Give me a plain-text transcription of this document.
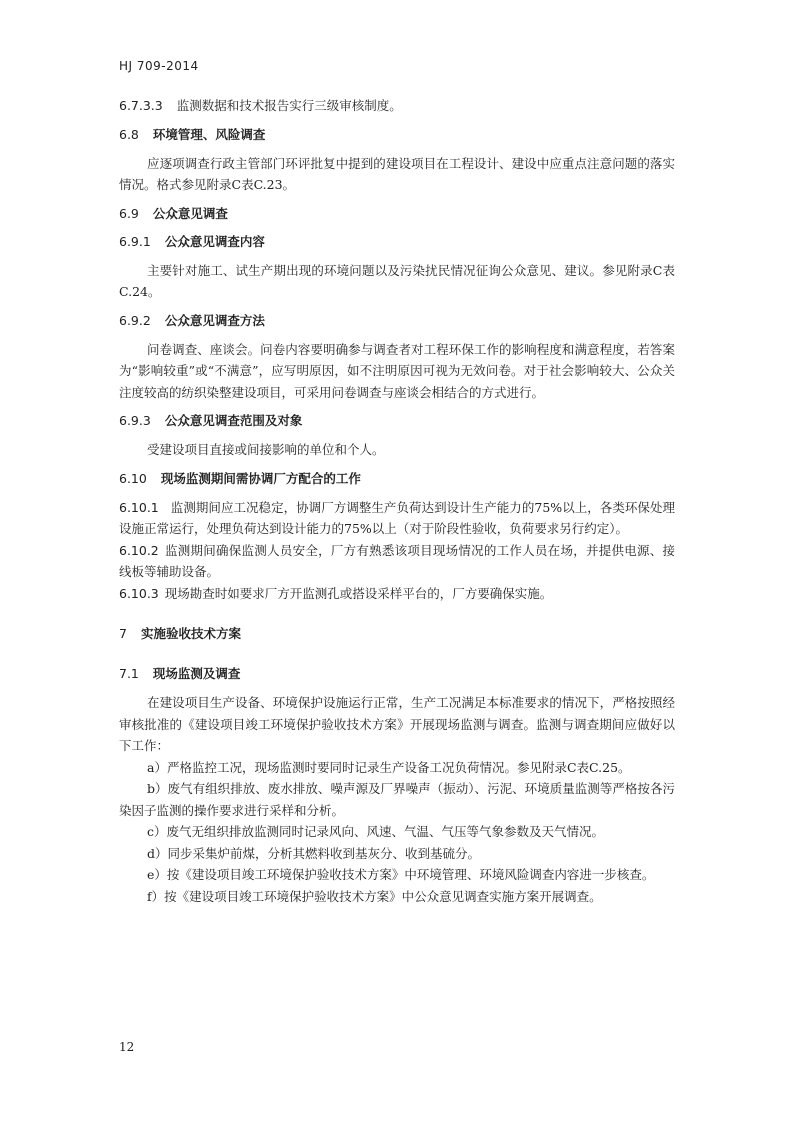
HJ 709-2014

6.7.3.3 监测数据和技术报告实行三级审核制度。

6.8 环境管理、风险调查

应逐项调查行政主管部门环评批复中提到的建设项目在工程设计、建设中应重点注意问题的落实情况。格式参见附录C表C.23。

6.9 公众意见调查

6.9.1 公众意见调查内容

主要针对施工、试生产期出现的环境问题以及污染扰民情况征询公众意见、建议。参见附录C表C.24。

6.9.2 公众意见调查方法

问卷调查、座谈会。问卷内容要明确参与调查者对工程环保工作的影响程度和满意程度，若答案为“影响较重”或“不满意”，应写明原因，如不注明原因可视为无效问卷。对于社会影响较大、公众关注度较高的纺织染整建设项目，可采用问卷调查与座谈会相结合的方式进行。

6.9.3 公众意见调查范围及对象

受建设项目直接或间接影响的单位和个人。

6.10 现场监测期间需协调厂方配合的工作

6.10.1 监测期间应工况稳定，协调厂方调整生产负荷达到设计生产能力的75%以上，各类环保处理设施正常运行，处理负荷达到设计能力的75%以上（对于阶段性验收，负荷要求另行约定）。

6.10.2 监测期间确保监测人员安全，厂方有熟悉该项目现场情况的工作人员在场，并提供电源、接线板等辅助设备。

6.10.3 现场勘查时如要求厂方开监测孔或搭设采样平台的，厂方要确保实施。

7 实施验收技术方案

7.1 现场监测及调查

在建设项目生产设备、环境保护设施运行正常，生产工况满足本标准要求的情况下，严格按照经审核批准的《建设项目竣工环境保护验收技术方案》开展现场监测与调查。监测与调查期间应做好以下工作：

a）严格监控工况，现场监测时要同时记录生产设备工况负荷情况。参见附录C表C.25。

b）废气有组织排放、废水排放、噪声源及厂界噪声（振动）、污泥、环境质量监测等严格按各污染因子监测的操作要求进行采样和分析。

c）废气无组织排放监测同时记录风向、风速、气温、气压等气象参数及天气情况。

d）同步采集炉前煤，分析其燃料收到基灰分、收到基硫分。

e）按《建设项目竣工环境保护验收技术方案》中环境管理、环境风险调查内容进一步核查。

f）按《建设项目竣工环境保护验收技术方案》中公众意见调查实施方案开展调查。

12
